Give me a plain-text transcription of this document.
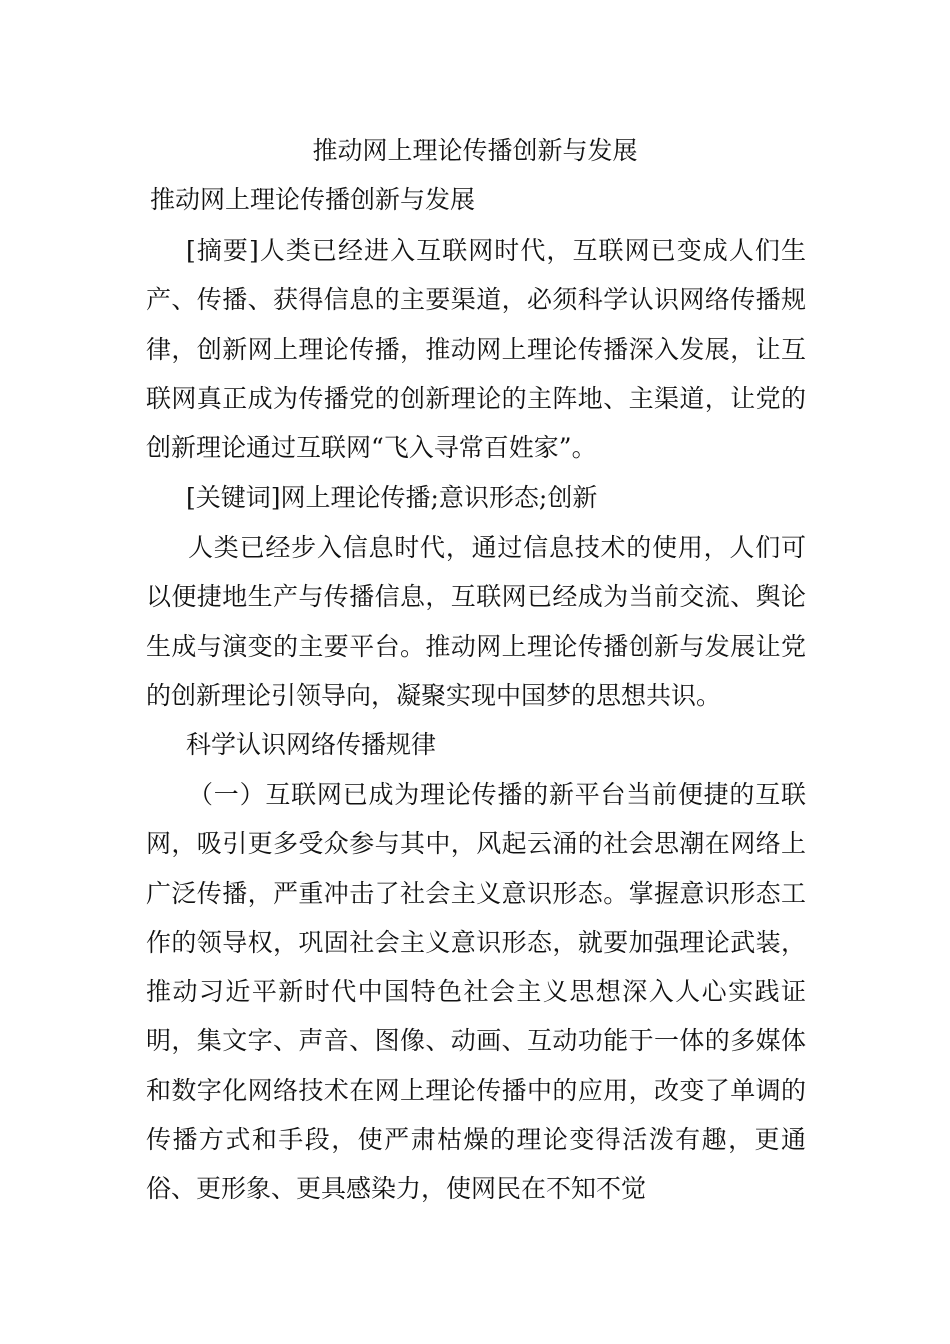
推动网上理论传播创新与发展

推动网上理论传播创新与发展

[摘要]人类已经进入互联网时代，互联网已变成人们生产、传播、获得信息的主要渠道，必须科学认识网络传播规律，创新网上理论传播，推动网上理论传播深入发展，让互联网真正成为传播党的创新理论的主阵地、主渠道，让党的创新理论通过互联网“飞入寻常百姓家”。

[关键词]网上理论传播;意识形态;创新

人类已经步入信息时代，通过信息技术的使用，人们可以便捷地生产与传播信息，互联网已经成为当前交流、舆论生成与演变的主要平台。推动网上理论传播创新与发展让党的创新理论引领导向，凝聚实现中国梦的思想共识。

科学认识网络传播规律

（一）互联网已成为理论传播的新平台当前便捷的互联网，吸引更多受众参与其中，风起云涌的社会思潮在网络上广泛传播，严重冲击了社会主义意识形态。掌握意识形态工作的领导权，巩固社会主义意识形态，就要加强理论武装，推动习近平新时代中国特色社会主义思想深入人心实践证明，集文字、声音、图像、动画、互动功能于一体的多媒体和数字化网络技术在网上理论传播中的应用，改变了单调的传播方式和手段，使严肃枯燥的理论变得活泼有趣，更通俗、更形象、更具感染力，使网民在不知不觉
